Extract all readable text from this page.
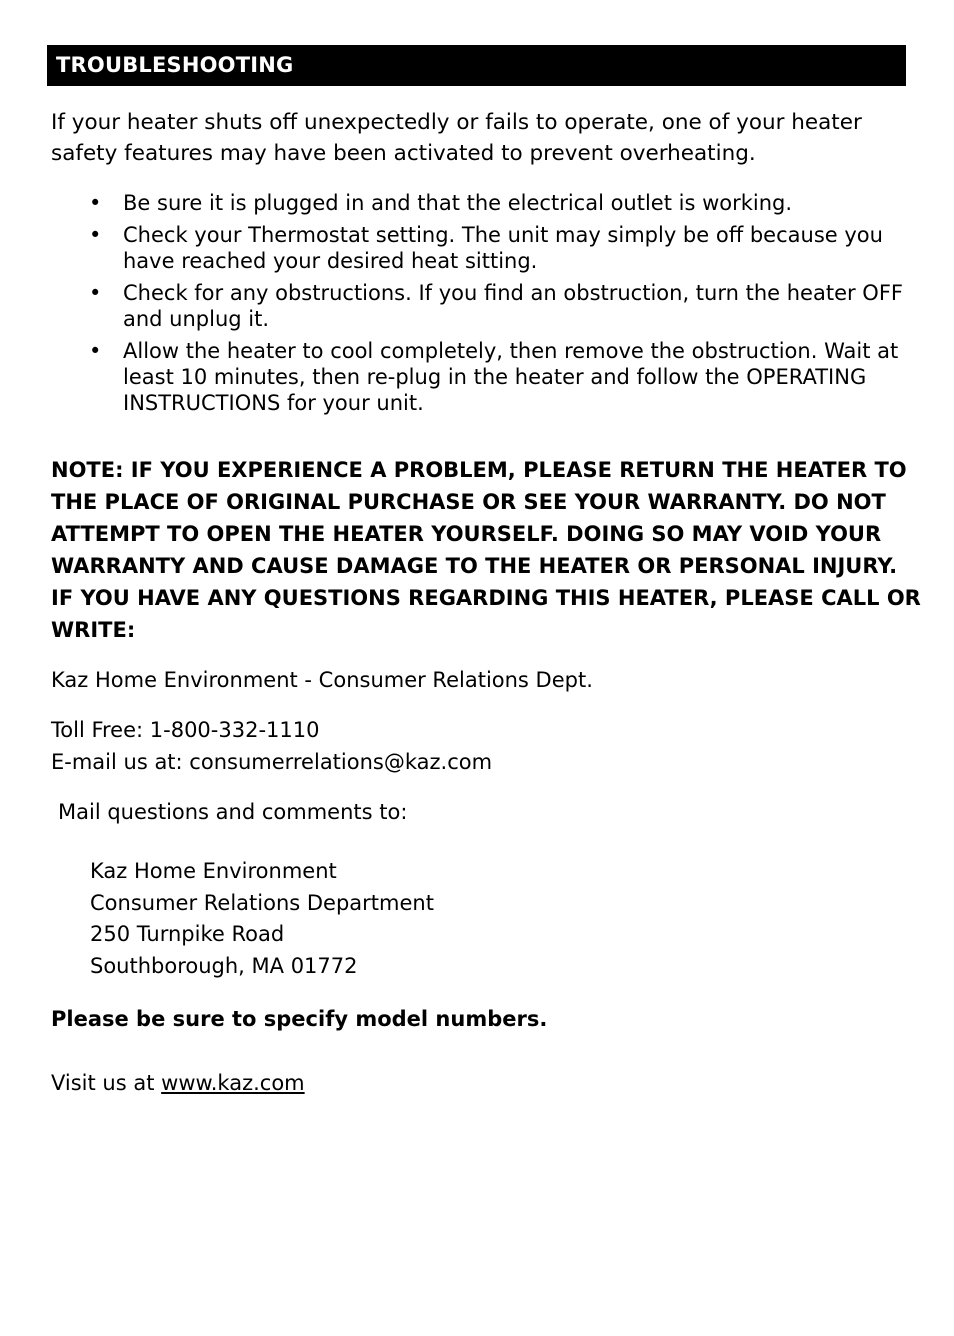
TROUBLESHOOTING

If your heater shuts off unexpectedly or fails to operate, one of your heater safety features may have been activated to prevent overheating.

• Be sure it is plugged in and that the electrical outlet is working.
• Check your Thermostat setting. The unit may simply be off because you have reached your desired heat sitting.
• Check for any obstructions. If you find an obstruction, turn the heater OFF and unplug it.
• Allow the heater to cool completely, then remove the obstruction. Wait at least 10 minutes, then re-plug in the heater and follow the OPERATING INSTRUCTIONS for your unit.

NOTE: IF YOU EXPERIENCE A PROBLEM, PLEASE RETURN THE HEATER TO THE PLACE OF ORIGINAL PURCHASE OR SEE YOUR WARRANTY. DO NOT ATTEMPT TO OPEN THE HEATER YOURSELF. DOING SO MAY VOID YOUR WARRANTY AND CAUSE DAMAGE TO THE HEATER OR PERSONAL INJURY. IF YOU HAVE ANY QUESTIONS REGARDING THIS HEATER, PLEASE CALL OR WRITE:

Kaz Home Environment - Consumer Relations Dept.
Toll Free: 1-800-332-1110
E-mail us at: consumerrelations@kaz.com
Mail questions and comments to:
Kaz Home Environment
Consumer Relations Department
250 Turnpike Road
Southborough, MA 01772
Please be sure to specify model numbers.
Visit us at www.kaz.com
